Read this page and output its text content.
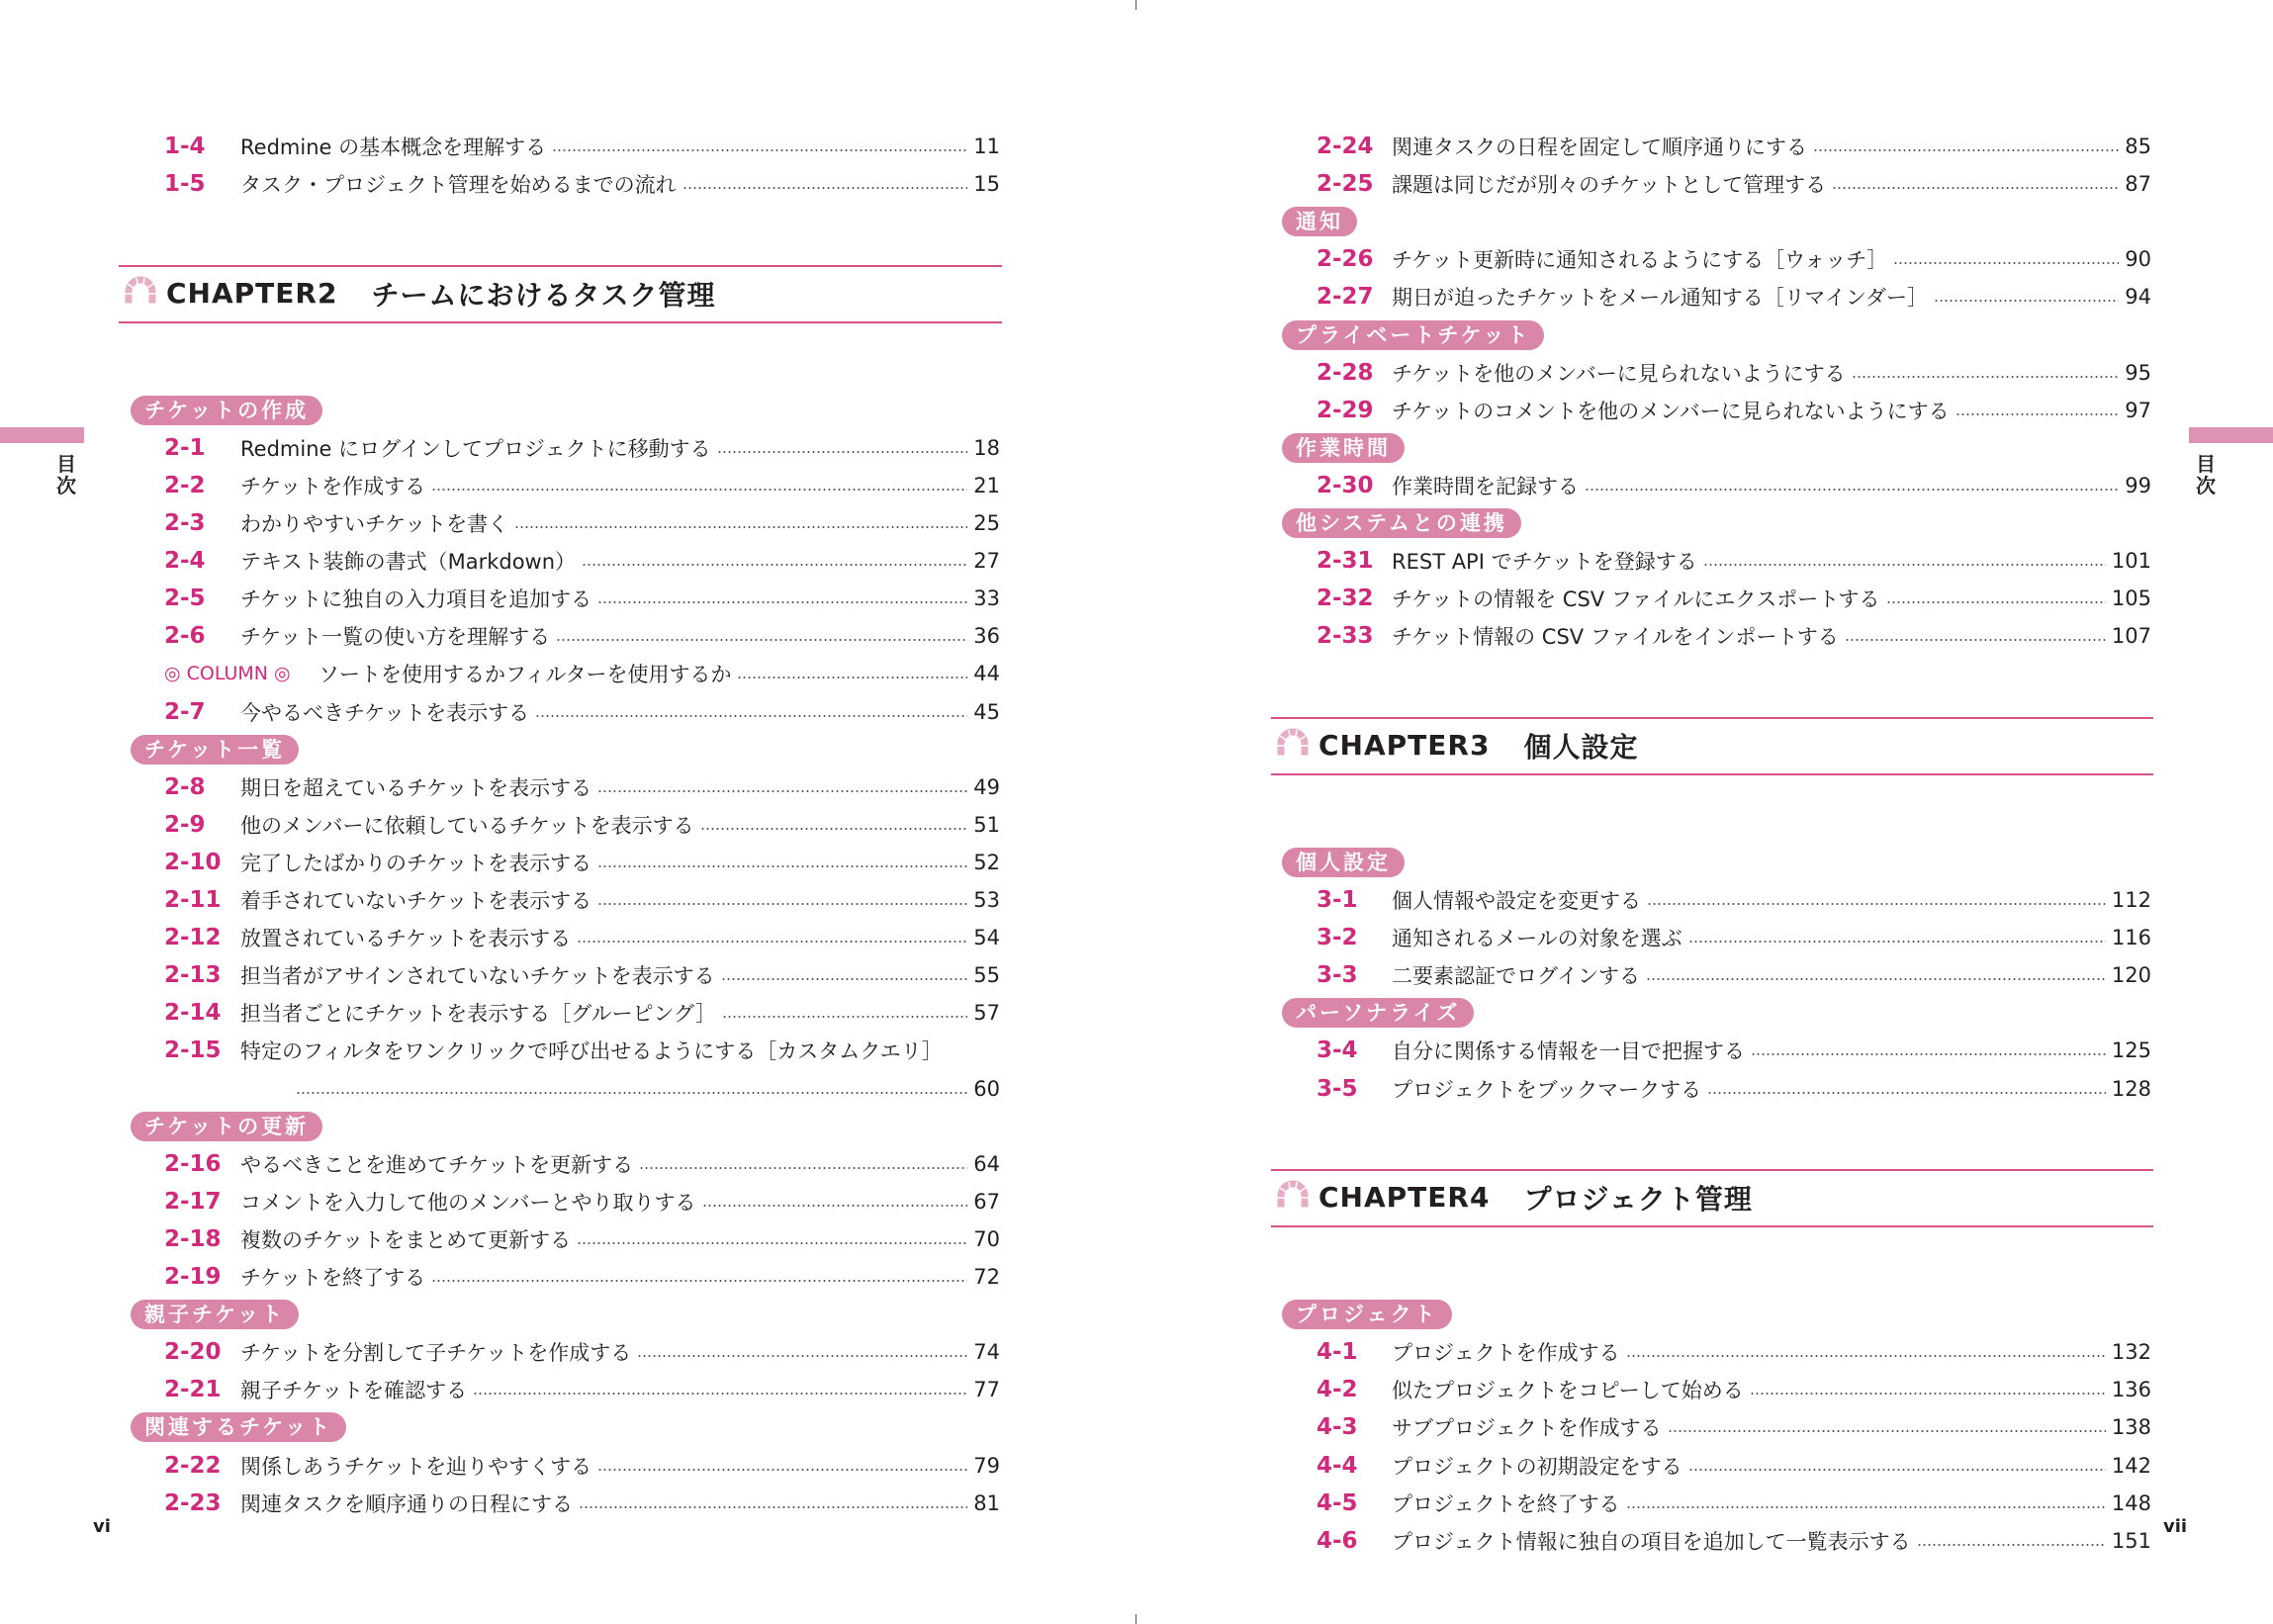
目次
vi
1-4	Redmine の基本概念を理解する	11
1-5	タスク・プロジェクト管理を始めるまでの流れ	15
CHAPTER2 チームにおけるタスク管理
チケットの作成
2-1	Redmine にログインしてプロジェクトに移動する	18
2-2	チケットを作成する	21
2-3	わかりやすいチケットを書く	25
2-4	テキスト装飾の書式（Markdown）	27
2-5	チケットに独自の入力項目を追加する	33
2-6	チケット一覧の使い方を理解する	36
◎ COLUMN ◎	ソートを使用するかフィルターを使用するか	44
2-7	今やるべきチケットを表示する	45
チケット一覧
2-8	期日を超えているチケットを表示する	49
2-9	他のメンバーに依頼しているチケットを表示する	51
2-10 完了したばかりのチケットを表示する	52
2-11 着手されていないチケットを表示する	53
2-12 放置されているチケットを表示する	54
2-13 担当者がアサインされていないチケットを表示する	55
2-14 担当者ごとにチケットを表示する［グルーピング］	57
2-15 特定のフィルタをワンクリックで呼び出せるようにする［カスタムクエリ］
60
チケットの更新
2-16 やるべきことを進めてチケットを更新する	64
2-17 コメントを入力して他のメンバーとやり取りする	67
2-18 複数のチケットをまとめて更新する	70
2-19 チケットを終了する	72
親子チケット
2-20 チケットを分割して子チケットを作成する	74
2-21 親子チケットを確認する	77
関連するチケット
2-22 関係しあうチケットを辿りやすくする	79
2-23 関連タスクを順序通りの日程にする	81
目次
vii
2-24 関連タスクの日程を固定して順序通りにする	85
2-25 課題は同じだが別々のチケットとして管理する	87
通知
2-26 チケット更新時に通知されるようにする［ウォッチ］	90
2-27 期日が迫ったチケットをメール通知する［リマインダー］	94
プライベートチケット
2-28 チケットを他のメンバーに見られないようにする	95
2-29 チケットのコメントを他のメンバーに見られないようにする	97
作業時間
2-30 作業時間を記録する	99
他システムとの連携
2-31 REST API でチケットを登録する	101
2-32 チケットの情報を CSV ファイルにエクスポートする	105
2-33 チケット情報の CSV ファイルをインポートする	107
CHAPTER3 個人設定
個人設定
3-1	個人情報や設定を変更する	112
3-2	通知されるメールの対象を選ぶ	116
3-3	二要素認証でログインする	120
パーソナライズ
3-4	自分に関係する情報を一目で把握する	125
3-5	プロジェクトをブックマークする	128
CHAPTER4 プロジェクト管理
プロジェクト
4-1	プロジェクトを作成する	132
4-2	似たプロジェクトをコピーして始める	136
4-3	サブプロジェクトを作成する	138
4-4	プロジェクトの初期設定をする	142
4-5	プロジェクトを終了する	148
4-6	プロジェクト情報に独自の項目を追加して一覧表示する	151
